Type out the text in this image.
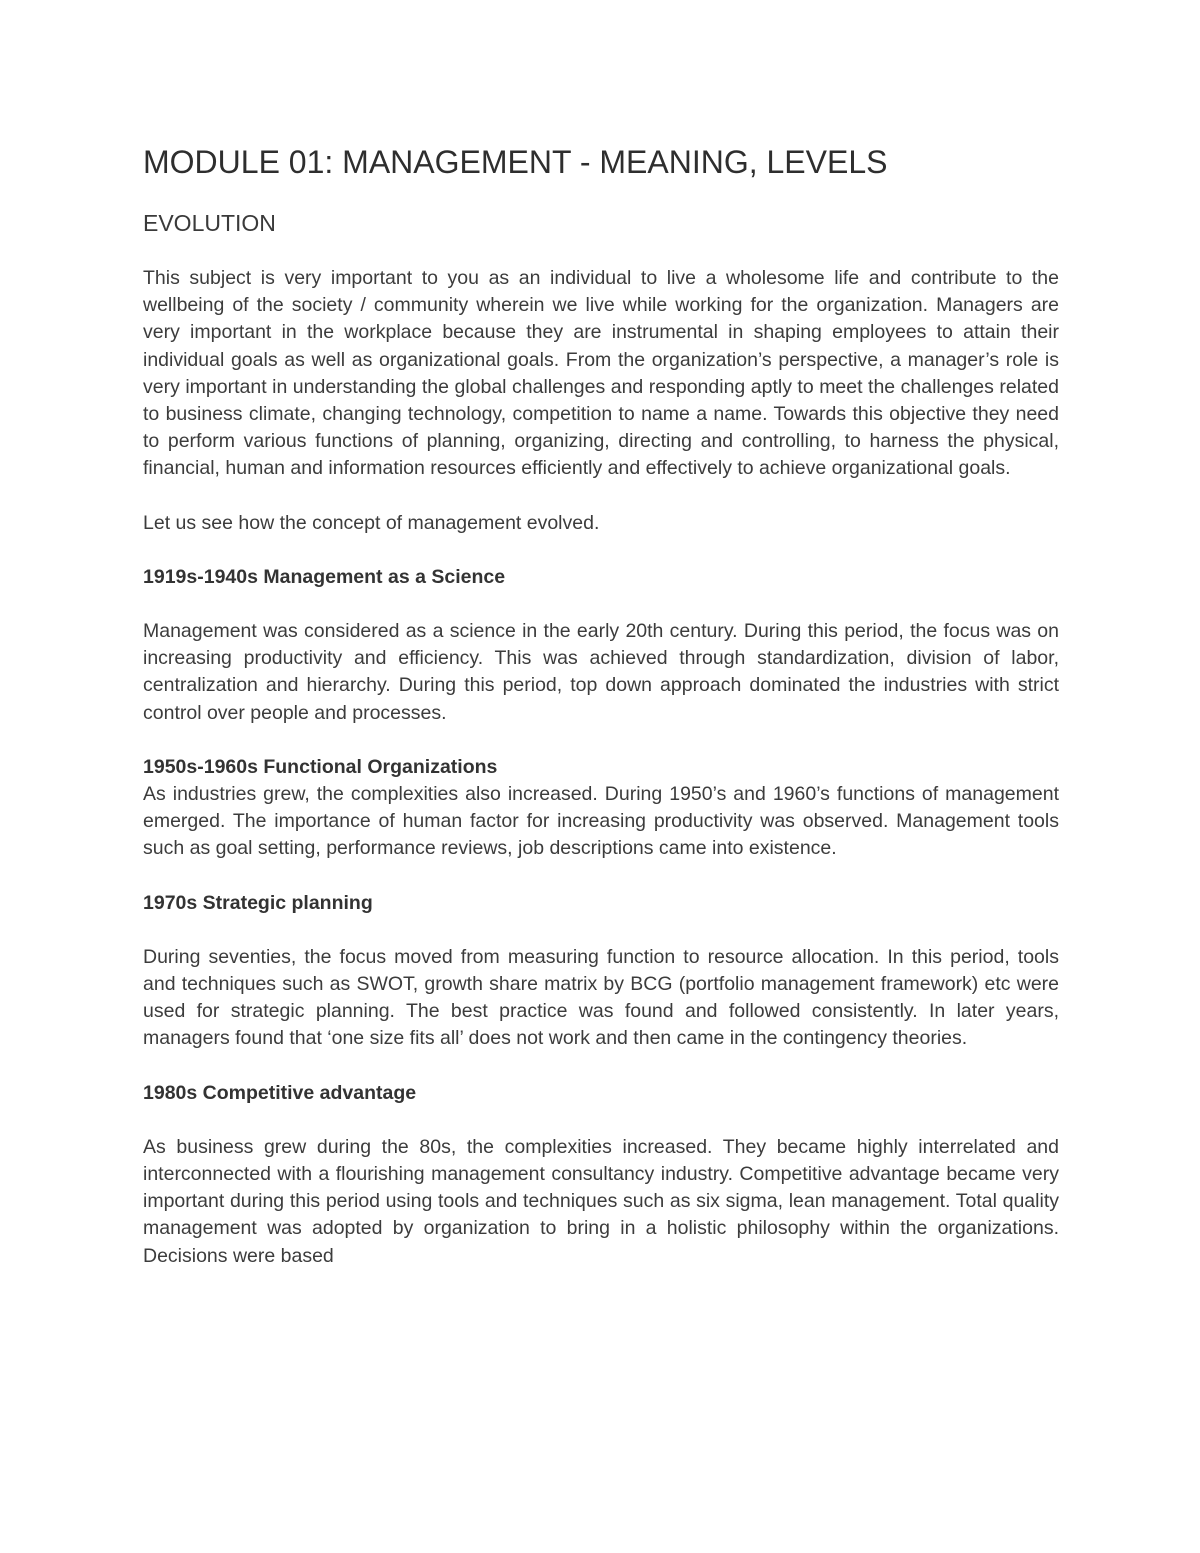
MODULE 01: MANAGEMENT - MEANING, LEVELS
EVOLUTION

This subject is very important to you as an individual to live a wholesome life and contribute to the wellbeing of the society / community wherein we live while working for the organization. Managers are very important in the workplace because they are instrumental in shaping employees to attain their individual goals as well as organizational goals. From the organization’s perspective, a manager’s role is very important in understanding the global challenges and responding aptly to meet the challenges related to business climate, changing technology, competition to name a name. Towards this objective they need to perform various functions of planning, organizing, directing and controlling, to harness the physical, financial, human and information resources efficiently and effectively to achieve organizational goals.

Let us see how the concept of management evolved.

1919s-1940s Management as a Science

Management was considered as a science in the early 20th century. During this period, the focus was on increasing productivity and efficiency. This was achieved through standardization, division of labor, centralization and hierarchy. During this period, top down approach dominated the industries with strict control over people and processes.

1950s-1960s Functional Organizations

As industries grew, the complexities also increased. During 1950’s and 1960’s functions of management emerged. The importance of human factor for increasing productivity was observed. Management tools such as goal setting, performance reviews, job descriptions came into existence.

1970s Strategic planning

During seventies, the focus moved from measuring function to resource allocation. In this period, tools and techniques such as SWOT, growth share matrix by BCG (portfolio management framework) etc were used for strategic planning. The best practice was found and followed consistently. In later years, managers found that ‘one size fits all’ does not work and then came in the contingency theories.

1980s Competitive advantage

As business grew during the 80s, the complexities increased. They became highly interrelated and interconnected with a flourishing management consultancy industry. Competitive advantage became very important during this period using tools and techniques such as six sigma, lean management. Total quality management was adopted by organization to bring in a holistic philosophy within the organizations. Decisions were based
